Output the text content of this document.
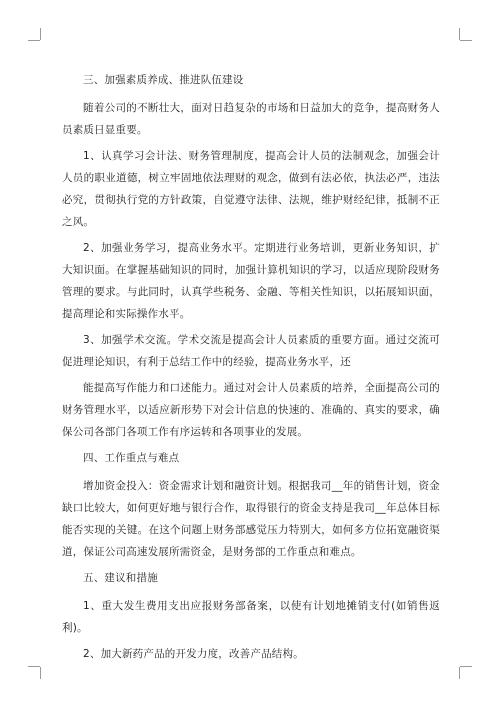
三、加强素质养成、推进队伍建设

随着公司的不断壮大，面对日趋复杂的市场和日益加大的竞争，提高财务人员素质日显重要。

1、认真学习会计法、财务管理制度，提高会计人员的法制观念，加强会计人员的职业道德，树立牢固地依法理财的观念，做到有法必依，执法必严，违法必究，贯彻执行党的方针政策，自觉遵守法律、法规，维护财经纪律，抵制不正之风。

2、加强业务学习，提高业务水平。定期进行业务培训，更新业务知识，扩大知识面。在掌握基础知识的同时，加强计算机知识的学习，以适应现阶段财务管理的要求。与此同时，认真学些税务、金融、等相关性知识，以拓展知识面，提高理论和实际操作水平。

3、加强学术交流。学术交流是提高会计人员素质的重要方面。通过交流可促进理论知识，有利于总结工作中的经验，提高业务水平，还

能提高写作能力和口述能力。通过对会计人员素质的培养，全面提高公司的财务管理水平，以适应新形势下对会计信息的快速的、准确的、真实的要求，确保公司各部门各项工作有序运转和各项事业的发展。

四、工作重点与难点

增加资金投入：资金需求计划和融资计划。根据我司__年的销售计划，资金缺口比较大，如何更好地与银行合作，取得银行的资金支持是我司__年总体目标能否实现的关键。在这个问题上财务部感觉压力特别大，如何多方位拓宽融资渠道，保证公司高速发展所需资金，是财务部的工作重点和难点。

五、建议和措施

1、重大发生费用支出应报财务部备案，以使有计划地摊销支付(如销售返利)。

2、加大新药产品的开发力度，改善产品结构。
